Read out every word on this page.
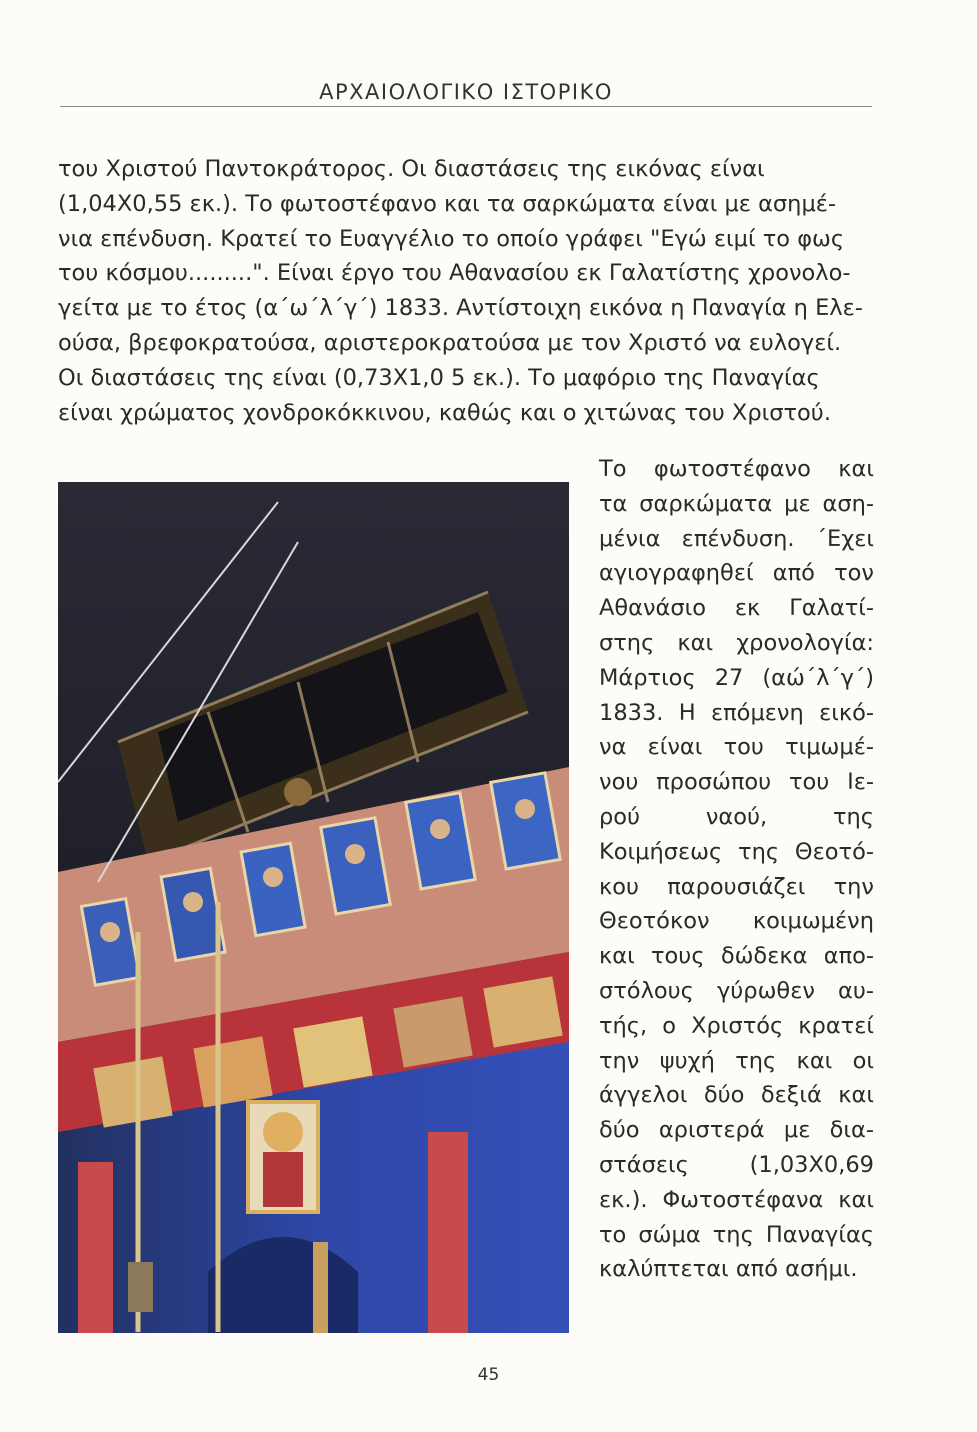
ΑΡΧΑΙΟΛΟΓΙΚΟ ΙΣΤΟΡΙΚΟ
του Χριστού Παντοκράτορος. Οι διαστάσεις της εικόνας είναι
(1,04Χ0,55 εκ.). Το φωτοστέφανο και τα σαρκώματα είναι με ασημέ-
νια επένδυση. Κρατεί το Ευαγγέλιο το οποίο γράφει "Εγώ ειμί το φως
του κόσμου.........". Είναι έργο του Αθανασίου εκ Γαλατίστης χρονολο-
γείτα με το έτος (α΄ω΄λ΄γ΄) 1833. Αντίστοιχη εικόνα η Παναγία η Ελε-
ούσα, βρεφοκρατούσα, αριστεροκρατούσα με τον Χριστό να ευλογεί.
Οι διαστάσεις της είναι (0,73Χ1,0 5 εκ.). Το μαφόριο της Παναγίας
είναι χρώματος χονδροκόκκινου, καθώς και ο χιτώνας του Χριστού.
Το φωτοστέφανο και
τα σαρκώματα με αση-
μένια επένδυση. ΄Εχει
αγιογραφηθεί από τον
Αθανάσιο εκ Γαλατί-
στης και χρονολογία:
Μάρτιος 27 (αώ΄λ΄γ΄)
1833. Η επόμενη εικό-
να είναι του τιμωμέ-
νου προσώπου του Ιε-
ρού ναού, της
Κοιμήσεως της Θεοτό-
κου παρουσιάζει την
Θεοτόκον κοιμωμένη
και τους δώδεκα απο-
στόλους γύρωθεν αυ-
τής, ο Χριστός κρατεί
την ψυχή της και οι
άγγελοι δύο δεξιά και
δύο αριστερά με δια-
στάσεις (1,03Χ0,69
εκ.). Φωτοστέφανα και
το σώμα της Παναγίας
καλύπτεται από ασήμι.
45
